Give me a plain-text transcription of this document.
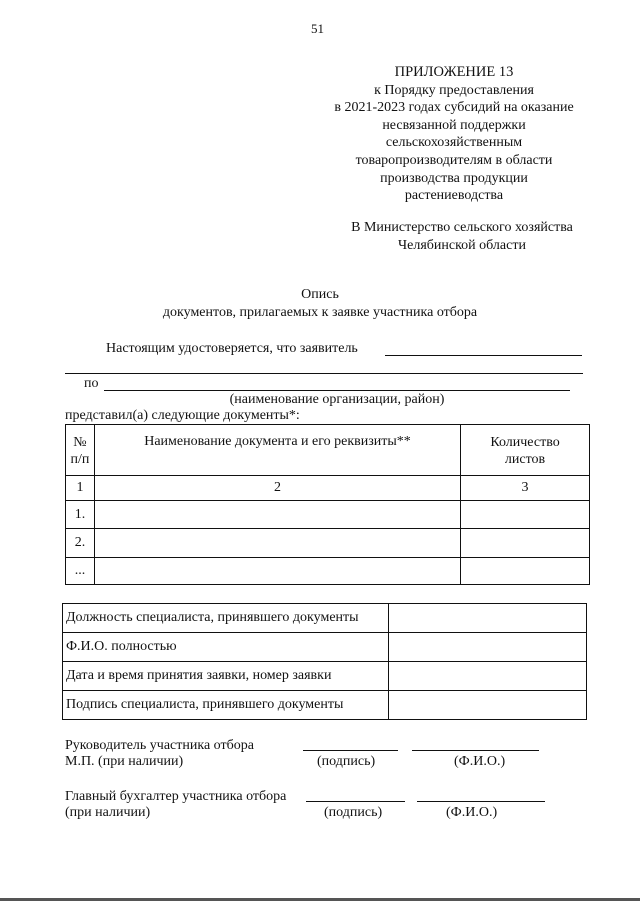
51
ПРИЛОЖЕНИЕ 13
к Порядку предоставления
в 2021-2023 годах субсидий на оказание
несвязанной поддержки
сельскохозяйственным
товаропроизводителям в области
производства продукции
растениеводства
В Министерство сельского хозяйства
Челябинской области
Опись
документов, прилагаемых к заявке участника отбора
Настоящим удостоверяется, что заявитель
по
(наименование организации, район)
представил(а) следующие документы*:
№ п/п	Наименование документа и его реквизиты**	Количество листов
1	2	3
1.		
2.		
...		
Должность специалиста, принявшего документы	
Ф.И.О. полностью	
Дата и время принятия заявки, номер заявки	
Подпись специалиста, принявшего документы	
Руководитель участника отбора
М.П. (при наличии)	(подпись)	(Ф.И.О.)
Главный бухгалтер участника отбора
(при наличии)	(подпись)	(Ф.И.О.)
